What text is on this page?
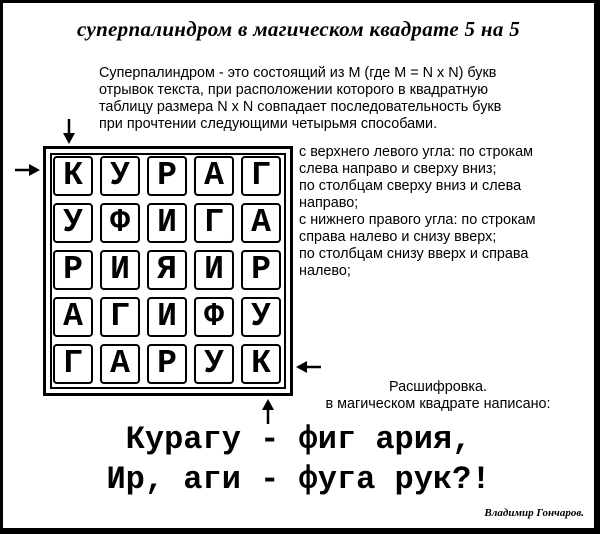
суперпалиндром в магическом квадрате 5 на 5
Суперпалиндром - это состоящий из M (где M = N x N) букв
отрывок текста, при расположении которого в квадратную
таблицу размера N x N совпадает последовательность букв
при прочтении следующими четырьмя способами.
с верхнего левого угла: по строкам
слева направо и сверху вниз;
по столбцам сверху вниз и слева
направо;
с нижнего правого угла: по строкам
справа налево и снизу вверх;
по столбцам снизу вверх и справа
налево;
К У Р А Г
У Ф И Г А
Р И Я И Р
А Г И Ф У
Г А Р У К
Расшифровка.
в магическом квадрате написано:
Курагу - фиг ария,
Ир, аги - фуга рук?!
Владимир Гончаров.
